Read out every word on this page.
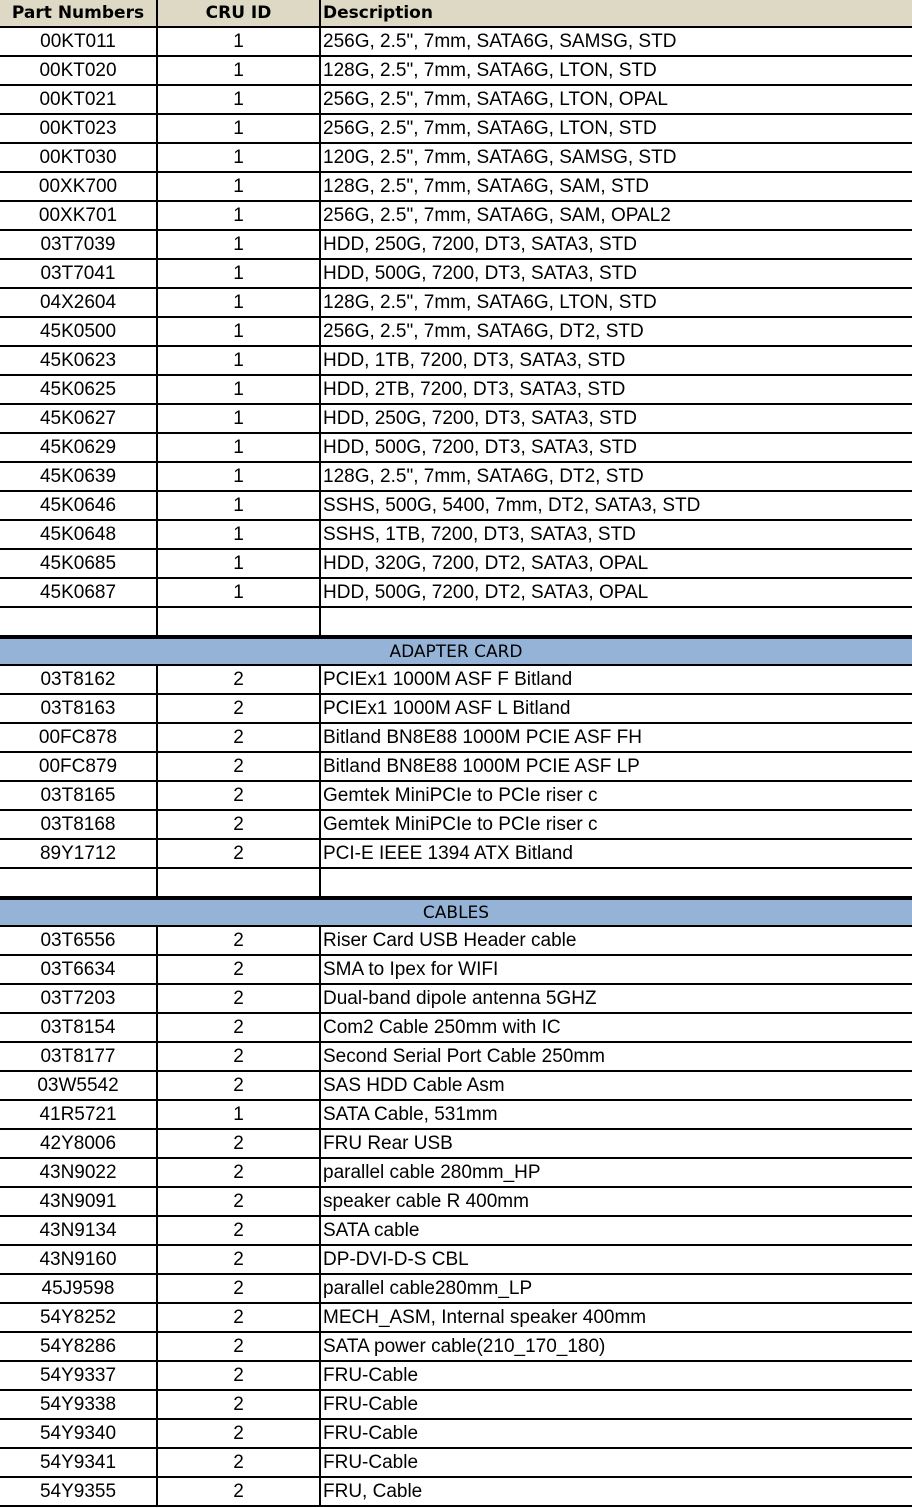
Part Numbers	CRU ID	Description
00KT011	1	256G, 2.5", 7mm, SATA6G, SAMSG, STD
00KT020	1	128G, 2.5", 7mm, SATA6G, LTON, STD
00KT021	1	256G, 2.5", 7mm, SATA6G, LTON, OPAL
00KT023	1	256G, 2.5", 7mm, SATA6G, LTON, STD
00KT030	1	120G, 2.5", 7mm, SATA6G, SAMSG, STD
00XK700	1	128G, 2.5", 7mm, SATA6G, SAM, STD
00XK701	1	256G, 2.5", 7mm, SATA6G, SAM, OPAL2
03T7039	1	HDD, 250G, 7200, DT3, SATA3, STD
03T7041	1	HDD, 500G, 7200, DT3, SATA3, STD
04X2604	1	128G, 2.5", 7mm, SATA6G, LTON, STD
45K0500	1	256G, 2.5", 7mm, SATA6G, DT2, STD
45K0623	1	HDD, 1TB, 7200, DT3, SATA3, STD
45K0625	1	HDD, 2TB, 7200, DT3, SATA3, STD
45K0627	1	HDD, 250G, 7200, DT3, SATA3, STD
45K0629	1	HDD, 500G, 7200, DT3, SATA3, STD
45K0639	1	128G, 2.5", 7mm, SATA6G, DT2, STD
45K0646	1	SSHS, 500G, 5400, 7mm, DT2, SATA3, STD
45K0648	1	SSHS, 1TB, 7200, DT3, SATA3, STD
45K0685	1	HDD, 320G, 7200, DT2, SATA3, OPAL
45K0687	1	HDD, 500G, 7200, DT2, SATA3, OPAL
ADAPTER CARD
03T8162	2	PCIEx1 1000M ASF F Bitland
03T8163	2	PCIEx1 1000M ASF L Bitland
00FC878	2	Bitland BN8E88 1000M PCIE ASF FH
00FC879	2	Bitland BN8E88 1000M PCIE ASF LP
03T8165	2	Gemtek MiniPCIe to PCIe riser c
03T8168	2	Gemtek MiniPCIe to PCIe riser c
89Y1712	2	PCI-E IEEE 1394 ATX Bitland
CABLES
03T6556	2	Riser Card USB Header cable
03T6634	2	SMA to Ipex for WIFI
03T7203	2	Dual-band dipole antenna 5GHZ
03T8154	2	Com2 Cable 250mm with IC
03T8177	2	Second Serial Port Cable 250mm
03W5542	2	SAS HDD Cable Asm
41R5721	1	SATA Cable, 531mm
42Y8006	2	FRU Rear USB
43N9022	2	parallel cable 280mm_HP
43N9091	2	speaker cable R 400mm
43N9134	2	SATA cable
43N9160	2	DP-DVI-D-S CBL
45J9598	2	parallel cable280mm_LP
54Y8252	2	MECH_ASM, Internal speaker 400mm
54Y8286	2	SATA power cable(210_170_180)
54Y9337	2	FRU-Cable
54Y9338	2	FRU-Cable
54Y9340	2	FRU-Cable
54Y9341	2	FRU-Cable
54Y9355	2	FRU, Cable
